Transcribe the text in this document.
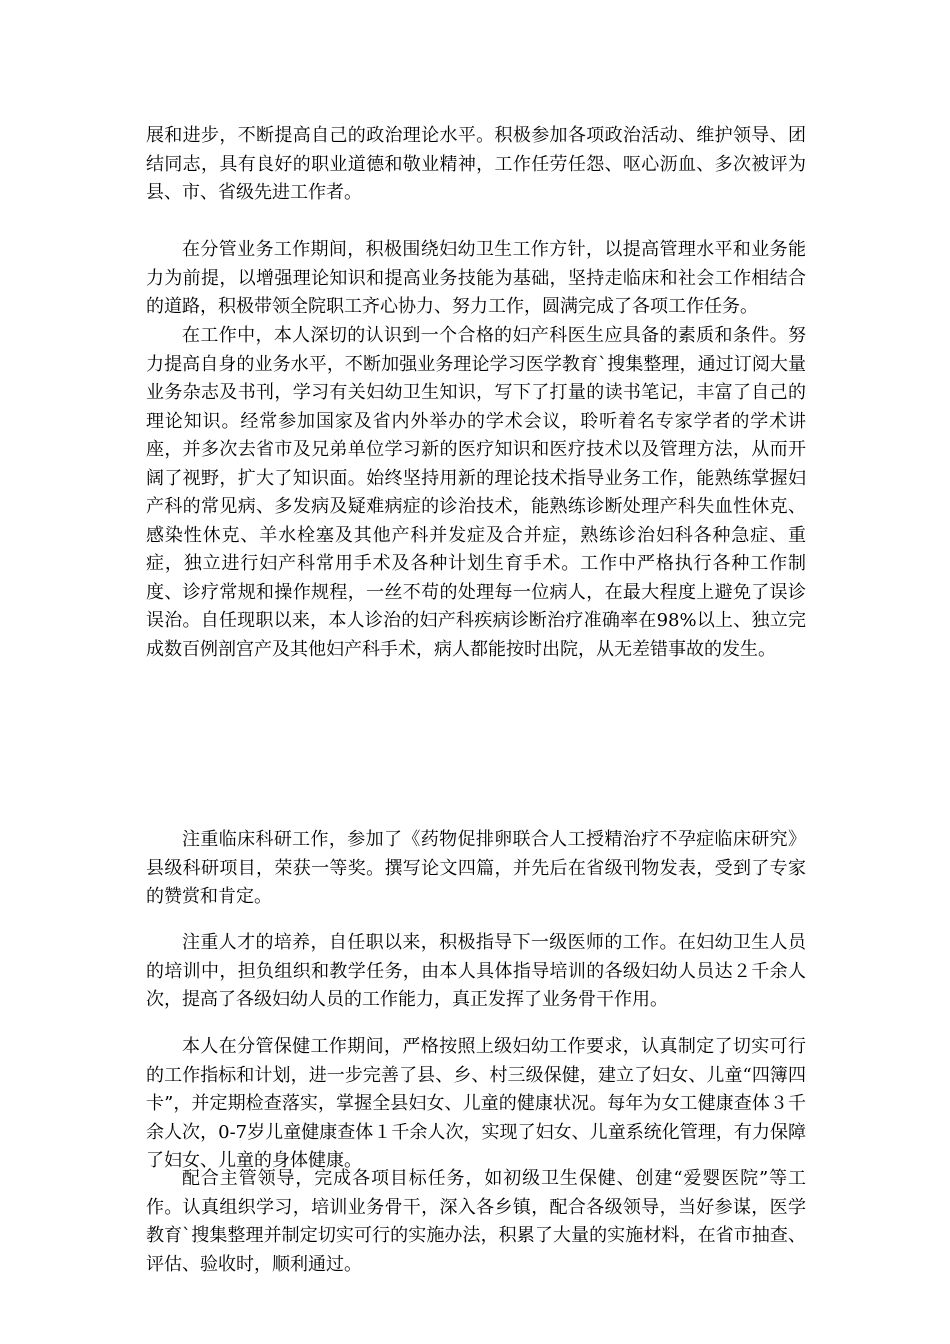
展和进步，不断提高自己的政治理论水平。积极参加各项政治活动、维护领导、团结同志，具有良好的职业道德和敬业精神，工作任劳任怨、呕心沥血、多次被评为县、市、省级先进工作者。

在分管业务工作期间，积极围绕妇幼卫生工作方针，以提高管理水平和业务能力为前提，以增强理论知识和提高业务技能为基础，坚持走临床和社会工作相结合的道路，积极带领全院职工齐心协力、努力工作，圆满完成了各项工作任务。

在工作中，本人深切的认识到一个合格的妇产科医生应具备的素质和条件。努力提高自身的业务水平，不断加强业务理论学习医学教育`搜集整理，通过订阅大量业务杂志及书刊，学习有关妇幼卫生知识，写下了打量的读书笔记，丰富了自己的理论知识。经常参加国家及省内外举办的学术会议，聆听着名专家学者的学术讲座，并多次去省市及兄弟单位学习新的医疗知识和医疗技术以及管理方法，从而开阔了视野，扩大了知识面。始终坚持用新的理论技术指导业务工作，能熟练掌握妇产科的常见病、多发病及疑难病症的诊治技术，能熟练诊断处理产科失血性休克、感染性休克、羊水栓塞及其他产科并发症及合并症，熟练诊治妇科各种急症、重症，独立进行妇产科常用手术及各种计划生育手术。工作中严格执行各种工作制度、诊疗常规和操作规程，一丝不苟的处理每一位病人，在最大程度上避免了误诊误治。自任现职以来，本人诊治的妇产科疾病诊断治疗准确率在98%以上、独立完成数百例剖宫产及其他妇产科手术，病人都能按时出院，从无差错事故的发生。

注重临床科研工作，参加了《药物促排卵联合人工授精治疗不孕症临床研究》县级科研项目，荣获一等奖。撰写论文四篇，并先后在省级刊物发表，受到了专家的赞赏和肯定。

注重人才的培养，自任职以来，积极指导下一级医师的工作。在妇幼卫生人员的培训中，担负组织和教学任务，由本人具体指导培训的各级妇幼人员达２千余人次，提高了各级妇幼人员的工作能力，真正发挥了业务骨干作用。

本人在分管保健工作期间，严格按照上级妇幼工作要求，认真制定了切实可行的工作指标和计划，进一步完善了县、乡、村三级保健，建立了妇女、儿童“四簿四卡”，并定期检查落实，掌握全县妇女、儿童的健康状况。每年为女工健康查体３千余人次，0-7岁儿童健康查体１千余人次，实现了妇女、儿童系统化管理，有力保障了妇女、儿童的身体健康。

配合主管领导，完成各项目标任务，如初级卫生保健、创建“爱婴医院”等工作。认真组织学习，培训业务骨干，深入各乡镇，配合各级领导，当好参谋，医学教育`搜集整理并制定切实可行的实施办法，积累了大量的实施材料，在省市抽查、评估、验收时，顺利通过。
